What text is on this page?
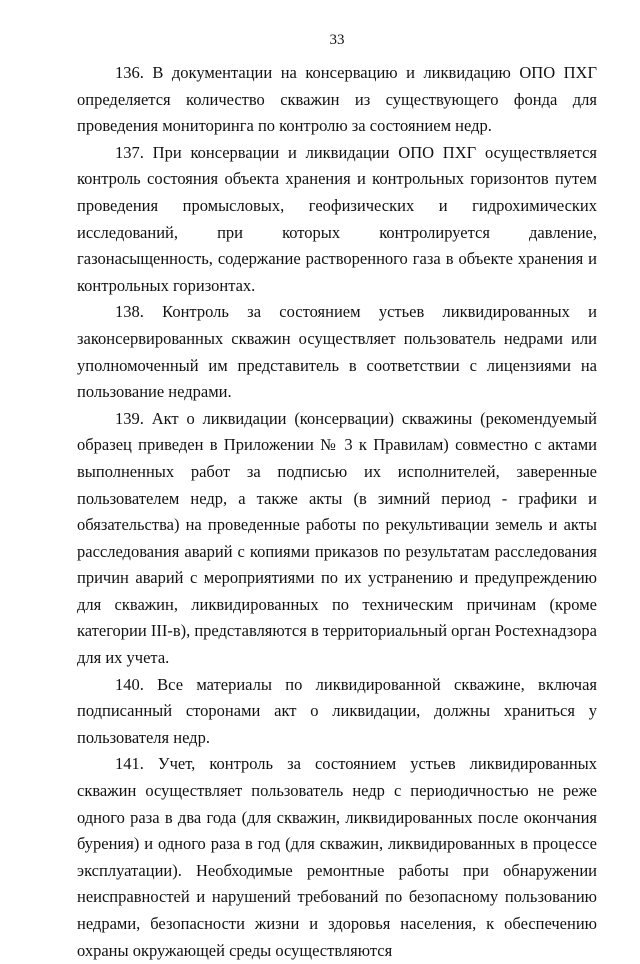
33

136. В документации на консервацию и ликвидацию ОПО ПХГ определяется количество скважин из существующего фонда для проведения мониторинга по контролю за состоянием недр.

137. При консервации и ликвидации ОПО ПХГ осуществляется контроль состояния объекта хранения и контрольных горизонтов путем проведения промысловых, геофизических и гидрохимических исследований, при которых контролируется давление, газонасыщенность, содержание растворенного газа в объекте хранения и контрольных горизонтах.

138. Контроль за состоянием устьев ликвидированных и законсервированных скважин осуществляет пользователь недрами или уполномоченный им представитель в соответствии с лицензиями на пользование недрами.

139. Акт о ликвидации (консервации) скважины (рекомендуемый образец приведен в Приложении № 3 к Правилам) совместно с актами выполненных работ за подписью их исполнителей, заверенные пользователем недр, а также акты (в зимний период - графики и обязательства) на проведенные работы по рекультивации земель и акты расследования аварий с копиями приказов по результатам расследования причин аварий с мероприятиями по их устранению и предупреждению для скважин, ликвидированных по техническим причинам (кроме категории III-в), представляются в территориальный орган Ростехнадзора для их учета.

140. Все материалы по ликвидированной скважине, включая подписанный сторонами акт о ликвидации, должны храниться у пользователя недр.

141. Учет, контроль за состоянием устьев ликвидированных скважин осуществляет пользователь недр с периодичностью не реже одного раза в два года (для скважин, ликвидированных после окончания бурения) и одного раза в год (для скважин, ликвидированных в процессе эксплуатации). Необходимые ремонтные работы при обнаружении неисправностей и нарушений требований по безопасному пользованию недрами, безопасности жизни и здоровья населения, к обеспечению охраны окружающей среды осуществляются
